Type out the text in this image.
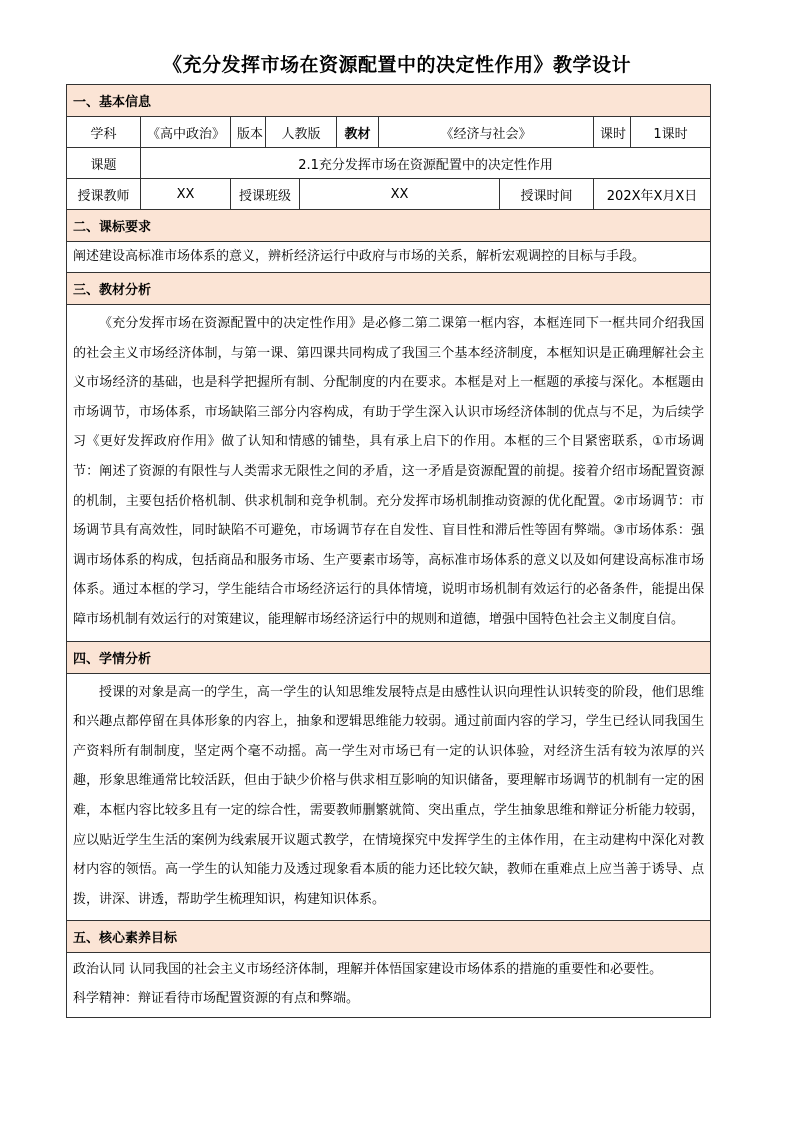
《充分发挥市场在资源配置中的决定性作用》教学设计
一、基本信息									
学科	《高中政治》	版本	人教版		教材	《经济与社会》		课时	1课时
课题	2.1充分发挥市场在资源配置中的决定性作用								
授课教师	XX	授课班级		XX			授课时间	202X年X月X日	
二、课标要求									
阐述建设高标准市场体系的意义，辨析经济运行中政府与市场的关系，解析宏观调控的目标与手段。									
三、教材分析									
《充分发挥市场在资源配置中的决定性作用》是必修二第二课第一框内容，本框连同下一框共同介绍我国的社会主义市场经济体制，与第一课、第四课共同构成了我国三个基本经济制度，本框知识是正确理解社会主义市场经济的基础，也是科学把握所有制、分配制度的内在要求。本框是对上一框题的承接与深化。本框题由市场调节，市场体系，市场缺陷三部分内容构成，有助于学生深入认识市场经济体制的优点与不足，为后续学习《更好发挥政府作用》做了认知和情感的铺垫，具有承上启下的作用。本框的三个目紧密联系，①市场调节：阐述了资源的有限性与人类需求无限性之间的矛盾，这一矛盾是资源配置的前提。接着介绍市场配置资源的机制，主要包括价格机制、供求机制和竞争机制。充分发挥市场机制推动资源的优化配置。②市场调节：市场调节具有高效性，同时缺陷不可避免，市场调节存在自发性、盲目性和滞后性等固有弊端。③市场体系：强调市场体系的构成，包括商品和服务市场、生产要素市场等，高标准市场体系的意义以及如何建设高标准市场体系。通过本框的学习，学生能结合市场经济运行的具体情境，说明市场机制有效运行的必备条件，能提出保障市场机制有效运行的对策建议，能理解市场经济运行中的规则和道德，增强中国特色社会主义制度自信。									
四、学情分析									
授课的对象是高一的学生，高一学生的认知思维发展特点是由感性认识向理性认识转变的阶段，他们思维和兴趣点都停留在具体形象的内容上，抽象和逻辑思维能力较弱。通过前面内容的学习，学生已经认同我国生产资料所有制制度，坚定两个毫不动摇。高一学生对市场已有一定的认识体验，对经济生活有较为浓厚的兴趣，形象思维通常比较活跃，但由于缺少价格与供求相互影响的知识储备，要理解市场调节的机制有一定的困难，本框内容比较多且有一定的综合性，需要教师删繁就简、突出重点，学生抽象思维和辩证分析能力较弱，应以贴近学生生活的案例为线索展开议题式教学，在情境探究中发挥学生的主体作用，在主动建构中深化对教材内容的领悟。高一学生的认知能力及透过现象看本质的能力还比较欠缺，教师在重难点上应当善于诱导、点拨，讲深、讲透，帮助学生梳理知识，构建知识体系。									
五、核心素养目标									

政治认同 认同我国的社会主义市场经济体制，理解并体悟国家建设市场体系的措施的重要性和必要性。
科学精神：辩证看待市场配置资源的有点和弊端。									
